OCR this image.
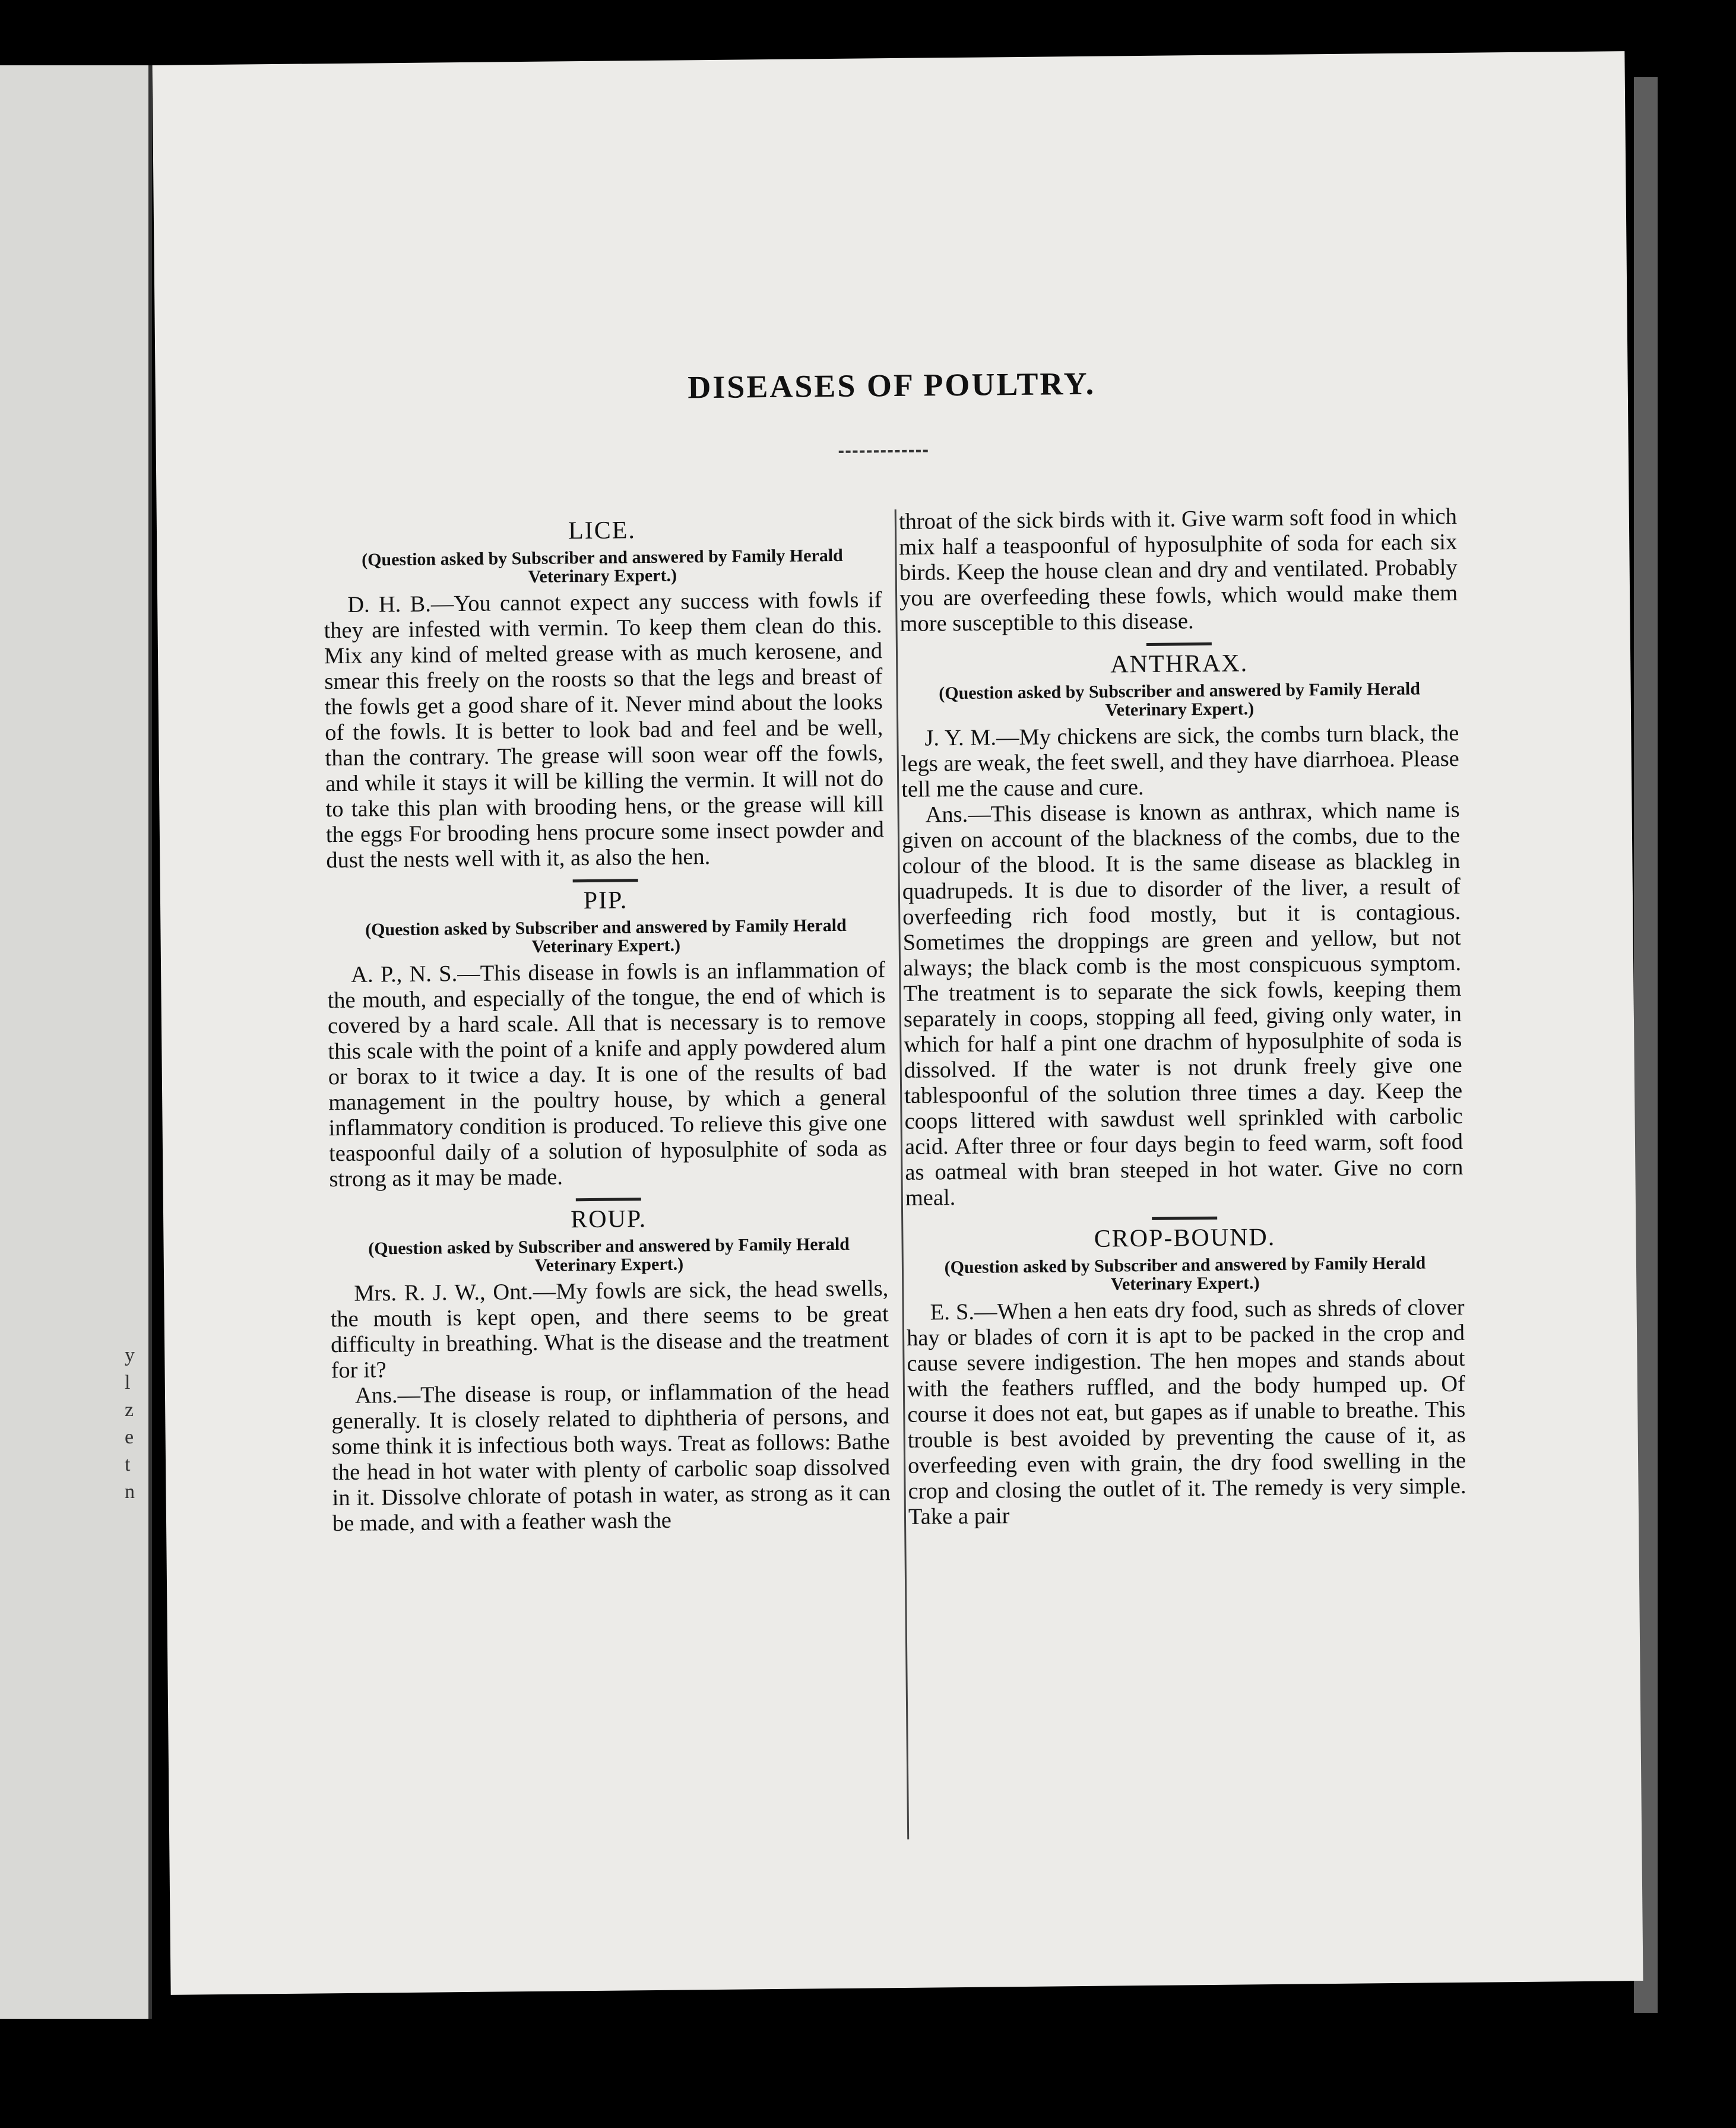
y
l
z
e
t
n
DISEASES OF POULTRY.
LICE.
(Question asked by Subscriber and answered by Family Herald Veterinary Expert.)

D. H. B.—You cannot expect any success with fowls if they are infested with vermin. To keep them clean do this. Mix any kind of melted grease with as much kerosene, and smear this freely on the roosts so that the legs and breast of the fowls get a good share of it. Never mind about the looks of the fowls. It is better to look bad and feel and be well, than the contrary. The grease will soon wear off the fowls, and while it stays it will be killing the vermin. It will not do to take this plan with brooding hens, or the grease will kill the eggs For brooding hens procure some insect powder and dust the nests well with it, as also the hen.

PIP.
(Question asked by Subscriber and answered by Family Herald Veterinary Expert.)

A. P., N. S.—This disease in fowls is an inflammation of the mouth, and especially of the tongue, the end of which is covered by a hard scale. All that is necessary is to remove this scale with the point of a knife and apply powdered alum or borax to it twice a day. It is one of the results of bad management in the poultry house, by which a general inflammatory condition is produced. To relieve this give one teaspoonful daily of a solution of hyposulphite of soda as strong as it may be made.

ROUP.
(Question asked by Subscriber and answered by Family Herald Veterinary Expert.)

Mrs. R. J. W., Ont.—My fowls are sick, the head swells, the mouth is kept open, and there seems to be great difficulty in breathing. What is the disease and the treatment for it?

Ans.—The disease is roup, or inflammation of the head generally. It is closely related to diphtheria of persons, and some think it is infectious both ways. Treat as follows: Bathe the head in hot water with plenty of carbolic soap dissolved in it. Dissolve chlorate of potash in water, as strong as it can be made, and with a feather wash the

throat of the sick birds with it. Give warm soft food in which mix half a teaspoonful of hyposulphite of soda for each six birds. Keep the house clean and dry and ventilated. Probably you are overfeeding these fowls, which would make them more susceptible to this disease.

ANTHRAX.
(Question asked by Subscriber and answered by Family Herald Veterinary Expert.)

J. Y. M.—My chickens are sick, the combs turn black, the legs are weak, the feet swell, and they have diarrhoea. Please tell me the cause and cure.

Ans.—This disease is known as anthrax, which name is given on account of the blackness of the combs, due to the colour of the blood. It is the same disease as blackleg in quadrupeds. It is due to disorder of the liver, a result of overfeeding rich food mostly, but it is contagious. Sometimes the droppings are green and yellow, but not always; the black comb is the most conspicuous symptom. The treatment is to separate the sick fowls, keeping them separately in coops, stopping all feed, giving only water, in which for half a pint one drachm of hyposulphite of soda is dissolved. If the water is not drunk freely give one tablespoonful of the solution three times a day. Keep the coops littered with sawdust well sprinkled with carbolic acid. After three or four days begin to feed warm, soft food as oatmeal with bran steeped in hot water. Give no corn meal.

CROP-BOUND.
(Question asked by Subscriber and answered by Family Herald Veterinary Expert.)

E. S.—When a hen eats dry food, such as shreds of clover hay or blades of corn it is apt to be packed in the crop and cause severe indigestion. The hen mopes and stands about with the feathers ruffled, and the body humped up. Of course it does not eat, but gapes as if unable to breathe. This trouble is best avoided by preventing the cause of it, as overfeeding even with grain, the dry food swelling in the crop and closing the outlet of it. The remedy is very simple. Take a pair
